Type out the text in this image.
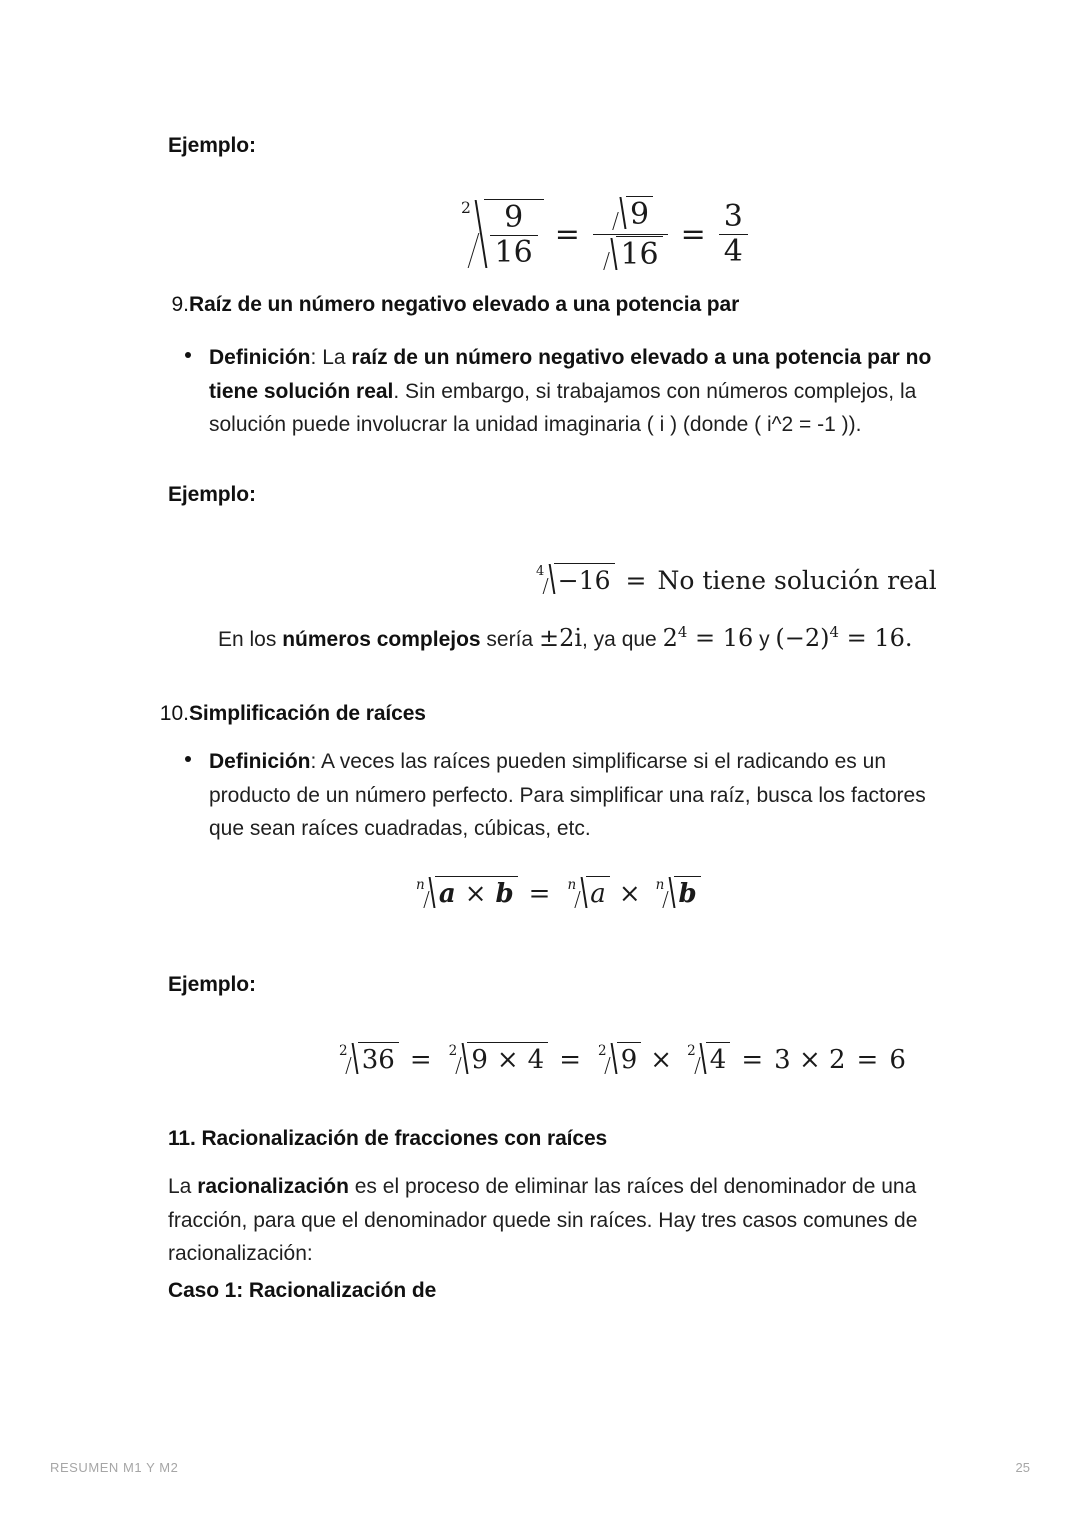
Ejemplo:
$2 \frac{9}{16} = \frac{9}{16} = \frac{3}{4}$
9. Raíz de un número negativo elevado a una potencia par
Definición: La raíz de un número negativo elevado a una potencia par no tiene solución real. Sin embargo, si trabajamos con números complejos, la solución puede involucrar la unidad imaginaria ( i ) (donde ( i^2 = -1 )).
Ejemplo:
4 −16 = No tiene solución real
En los números complejos sería ±2i, ya que $2^4 = 16$ y $(-2)^4 = 16$.
10. Simplificación de raíces
Definición: A veces las raíces pueden simplificarse si el radicando es un producto de un número perfecto. Para simplificar una raíz, busca los factores que sean raíces cuadradas, cúbicas, etc.
n a × b = n a × n b
Ejemplo:
2 36 = 2 9 × 4 = 2 9 × 2 4 = 3 × 2 = 6
11. Racionalización de fracciones con raíces
La racionalización es el proceso de eliminar las raíces del denominador de una fracción, para que el denominador quede sin raíces. Hay tres casos comunes de racionalización:
Caso 1: Racionalización de
RESUMEN M1 Y M2	25
